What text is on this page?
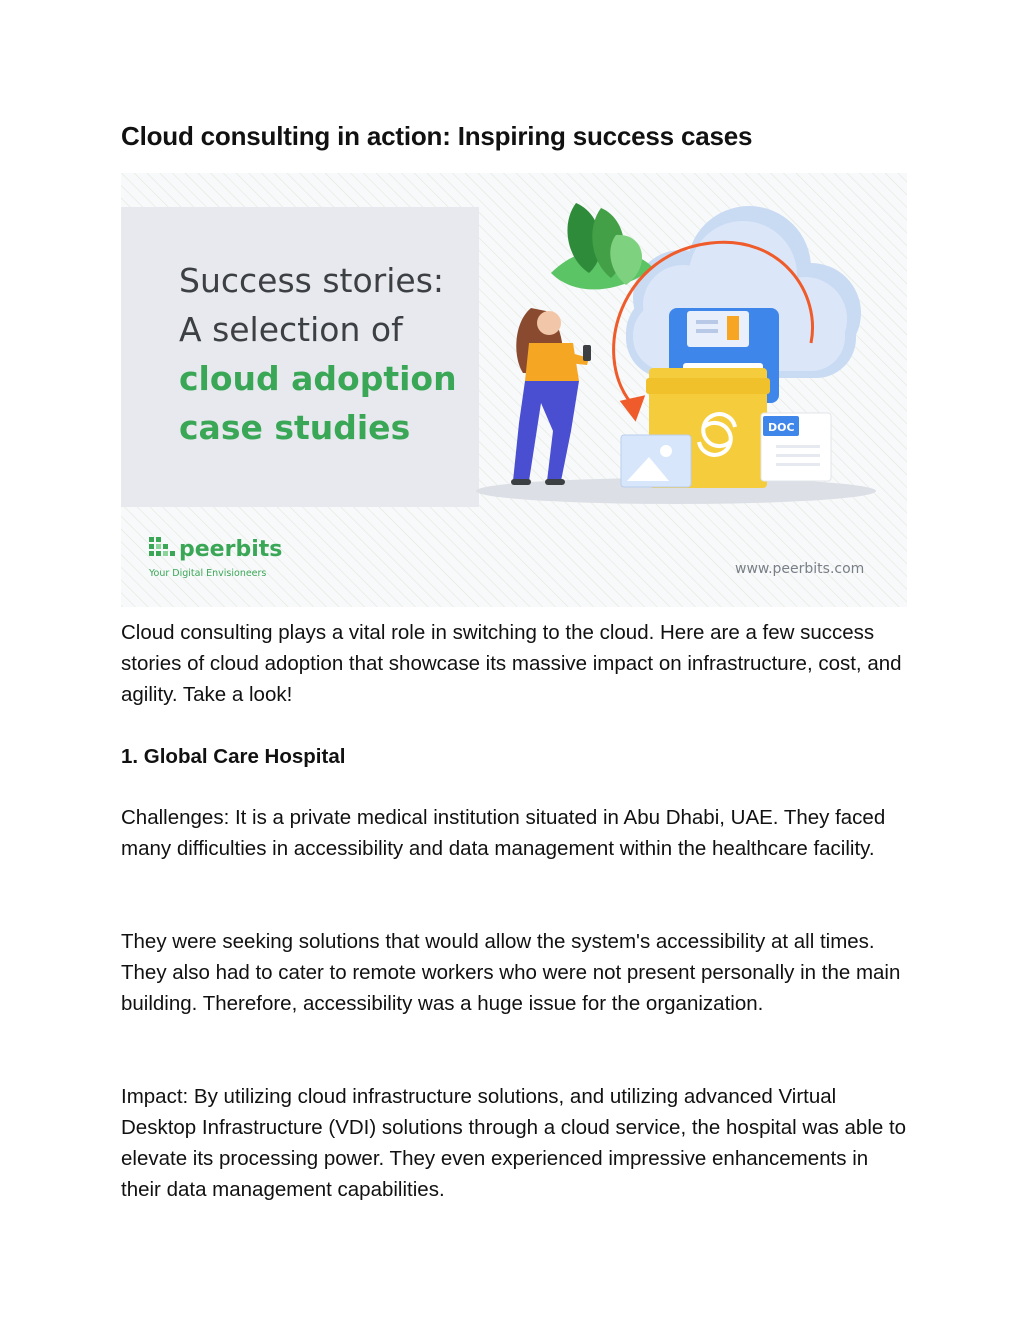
Cloud consulting in action: Inspiring success cases
Success stories:
A selection of
cloud adoption
case studies	DOC
peerbits
Your Digital Envisioneers	www.peerbits.com

Cloud consulting plays a vital role in switching to the cloud. Here are a few success stories of cloud adoption that showcase its massive impact on infrastructure, cost, and agility. Take a look!

1. Global Care Hospital

Challenges: It is a private medical institution situated in Abu Dhabi, UAE. They faced many difficulties in accessibility and data management within the healthcare facility.

They were seeking solutions that would allow the system's accessibility at all times. They also had to cater to remote workers who were not present personally in the main building. Therefore, accessibility was a huge issue for the organization.

Impact: By utilizing cloud infrastructure solutions, and utilizing advanced Virtual Desktop Infrastructure (VDI) solutions through a cloud service, the hospital was able to elevate its processing power. They even experienced impressive enhancements in their data management capabilities.
